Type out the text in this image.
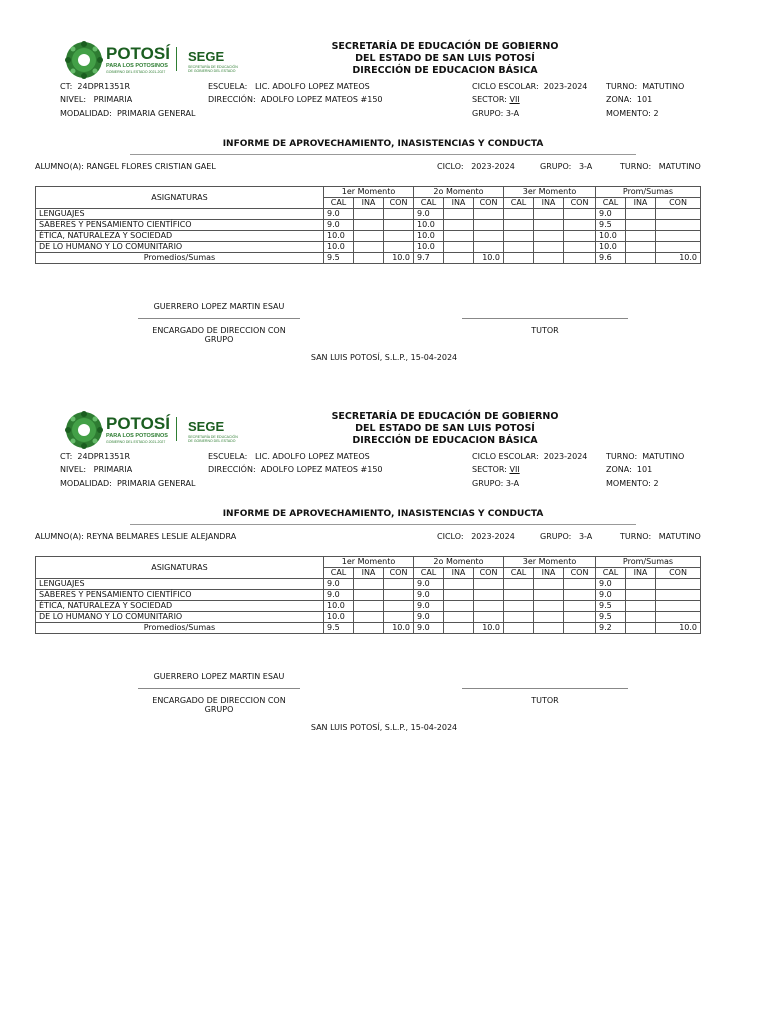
POTOSÍ
PARA LOS POTOSINOS
GOBIERNO DEL ESTADO 2021-2027
SEGE
SECRETARÍA DE EDUCACIÓN
DE GOBIERNO DEL ESTADO
SECRETARÍA DE EDUCACIÓN DE GOBIERNO
DEL ESTADO DE SAN LUIS POTOSÍ
DIRECCIÓN DE EDUCACION BÁSICA
CT: 24DPR1351R
NIVEL: PRIMARIA
MODALIDAD: PRIMARIA GENERAL
ESCUELA: LIC. ADOLFO LOPEZ MATEOS
DIRECCIÓN: ADOLFO LOPEZ MATEOS #150
CICLO ESCOLAR: 2023-2024
SECTOR: VII
GRUPO: 3-A
TURNO: MATUTINO
ZONA: 101
MOMENTO: 2
INFORME DE APROVECHAMIENTO, INASISTENCIAS Y CONDUCTA
ALUMNO(A): RANGEL FLORES CRISTIAN GAEL	CICLO: 2023-2024	GRUPO: 3-A	TURNO: MATUTINO
ASIGNATURAS	1er Momento			2o Momento			3er Momento			Prom/Sumas		
	CAL	INA	CON	CAL	INA	CON	CAL	INA	CON	CAL	INA	CON
LENGUAJES	9.0			9.0						9.0		
SABERES Y PENSAMIENTO CIENTÍFICO	9.0			10.0						9.5		
ÉTICA, NATURALEZA Y SOCIEDAD	10.0			10.0						10.0		
DE LO HUMANO Y LO COMUNITARIO	10.0			10.0						10.0		
Promedios/Sumas	9.5		10.0	9.7		10.0				9.6		10.0
GUERRERO LOPEZ MARTIN ESAU
ENCARGADO DE DIRECCION CON GRUPO
TUTOR
SAN LUIS POTOSÍ, S.L.P., 15-04-2024
POTOSÍ
PARA LOS POTOSINOS
GOBIERNO DEL ESTADO 2021-2027
SEGE
SECRETARÍA DE EDUCACIÓN
DE GOBIERNO DEL ESTADO
SECRETARÍA DE EDUCACIÓN DE GOBIERNO
DEL ESTADO DE SAN LUIS POTOSÍ
DIRECCIÓN DE EDUCACION BÁSICA
CT: 24DPR1351R
NIVEL: PRIMARIA
MODALIDAD: PRIMARIA GENERAL
ESCUELA: LIC. ADOLFO LOPEZ MATEOS
DIRECCIÓN: ADOLFO LOPEZ MATEOS #150
CICLO ESCOLAR: 2023-2024
SECTOR: VII
GRUPO: 3-A
TURNO: MATUTINO
ZONA: 101
MOMENTO: 2
INFORME DE APROVECHAMIENTO, INASISTENCIAS Y CONDUCTA
ALUMNO(A): REYNA BELMARES LESLIE ALEJANDRA	CICLO: 2023-2024	GRUPO: 3-A	TURNO: MATUTINO
ASIGNATURAS	1er Momento			2o Momento			3er Momento			Prom/Sumas		
	CAL	INA	CON	CAL	INA	CON	CAL	INA	CON	CAL	INA	CON
LENGUAJES	9.0			9.0						9.0		
SABERES Y PENSAMIENTO CIENTÍFICO	9.0			9.0						9.0		
ÉTICA, NATURALEZA Y SOCIEDAD	10.0			9.0						9.5		
DE LO HUMANO Y LO COMUNITARIO	10.0			9.0						9.5		
Promedios/Sumas	9.5		10.0	9.0		10.0				9.2		10.0
GUERRERO LOPEZ MARTIN ESAU
ENCARGADO DE DIRECCION CON GRUPO
TUTOR
SAN LUIS POTOSÍ, S.L.P., 15-04-2024
